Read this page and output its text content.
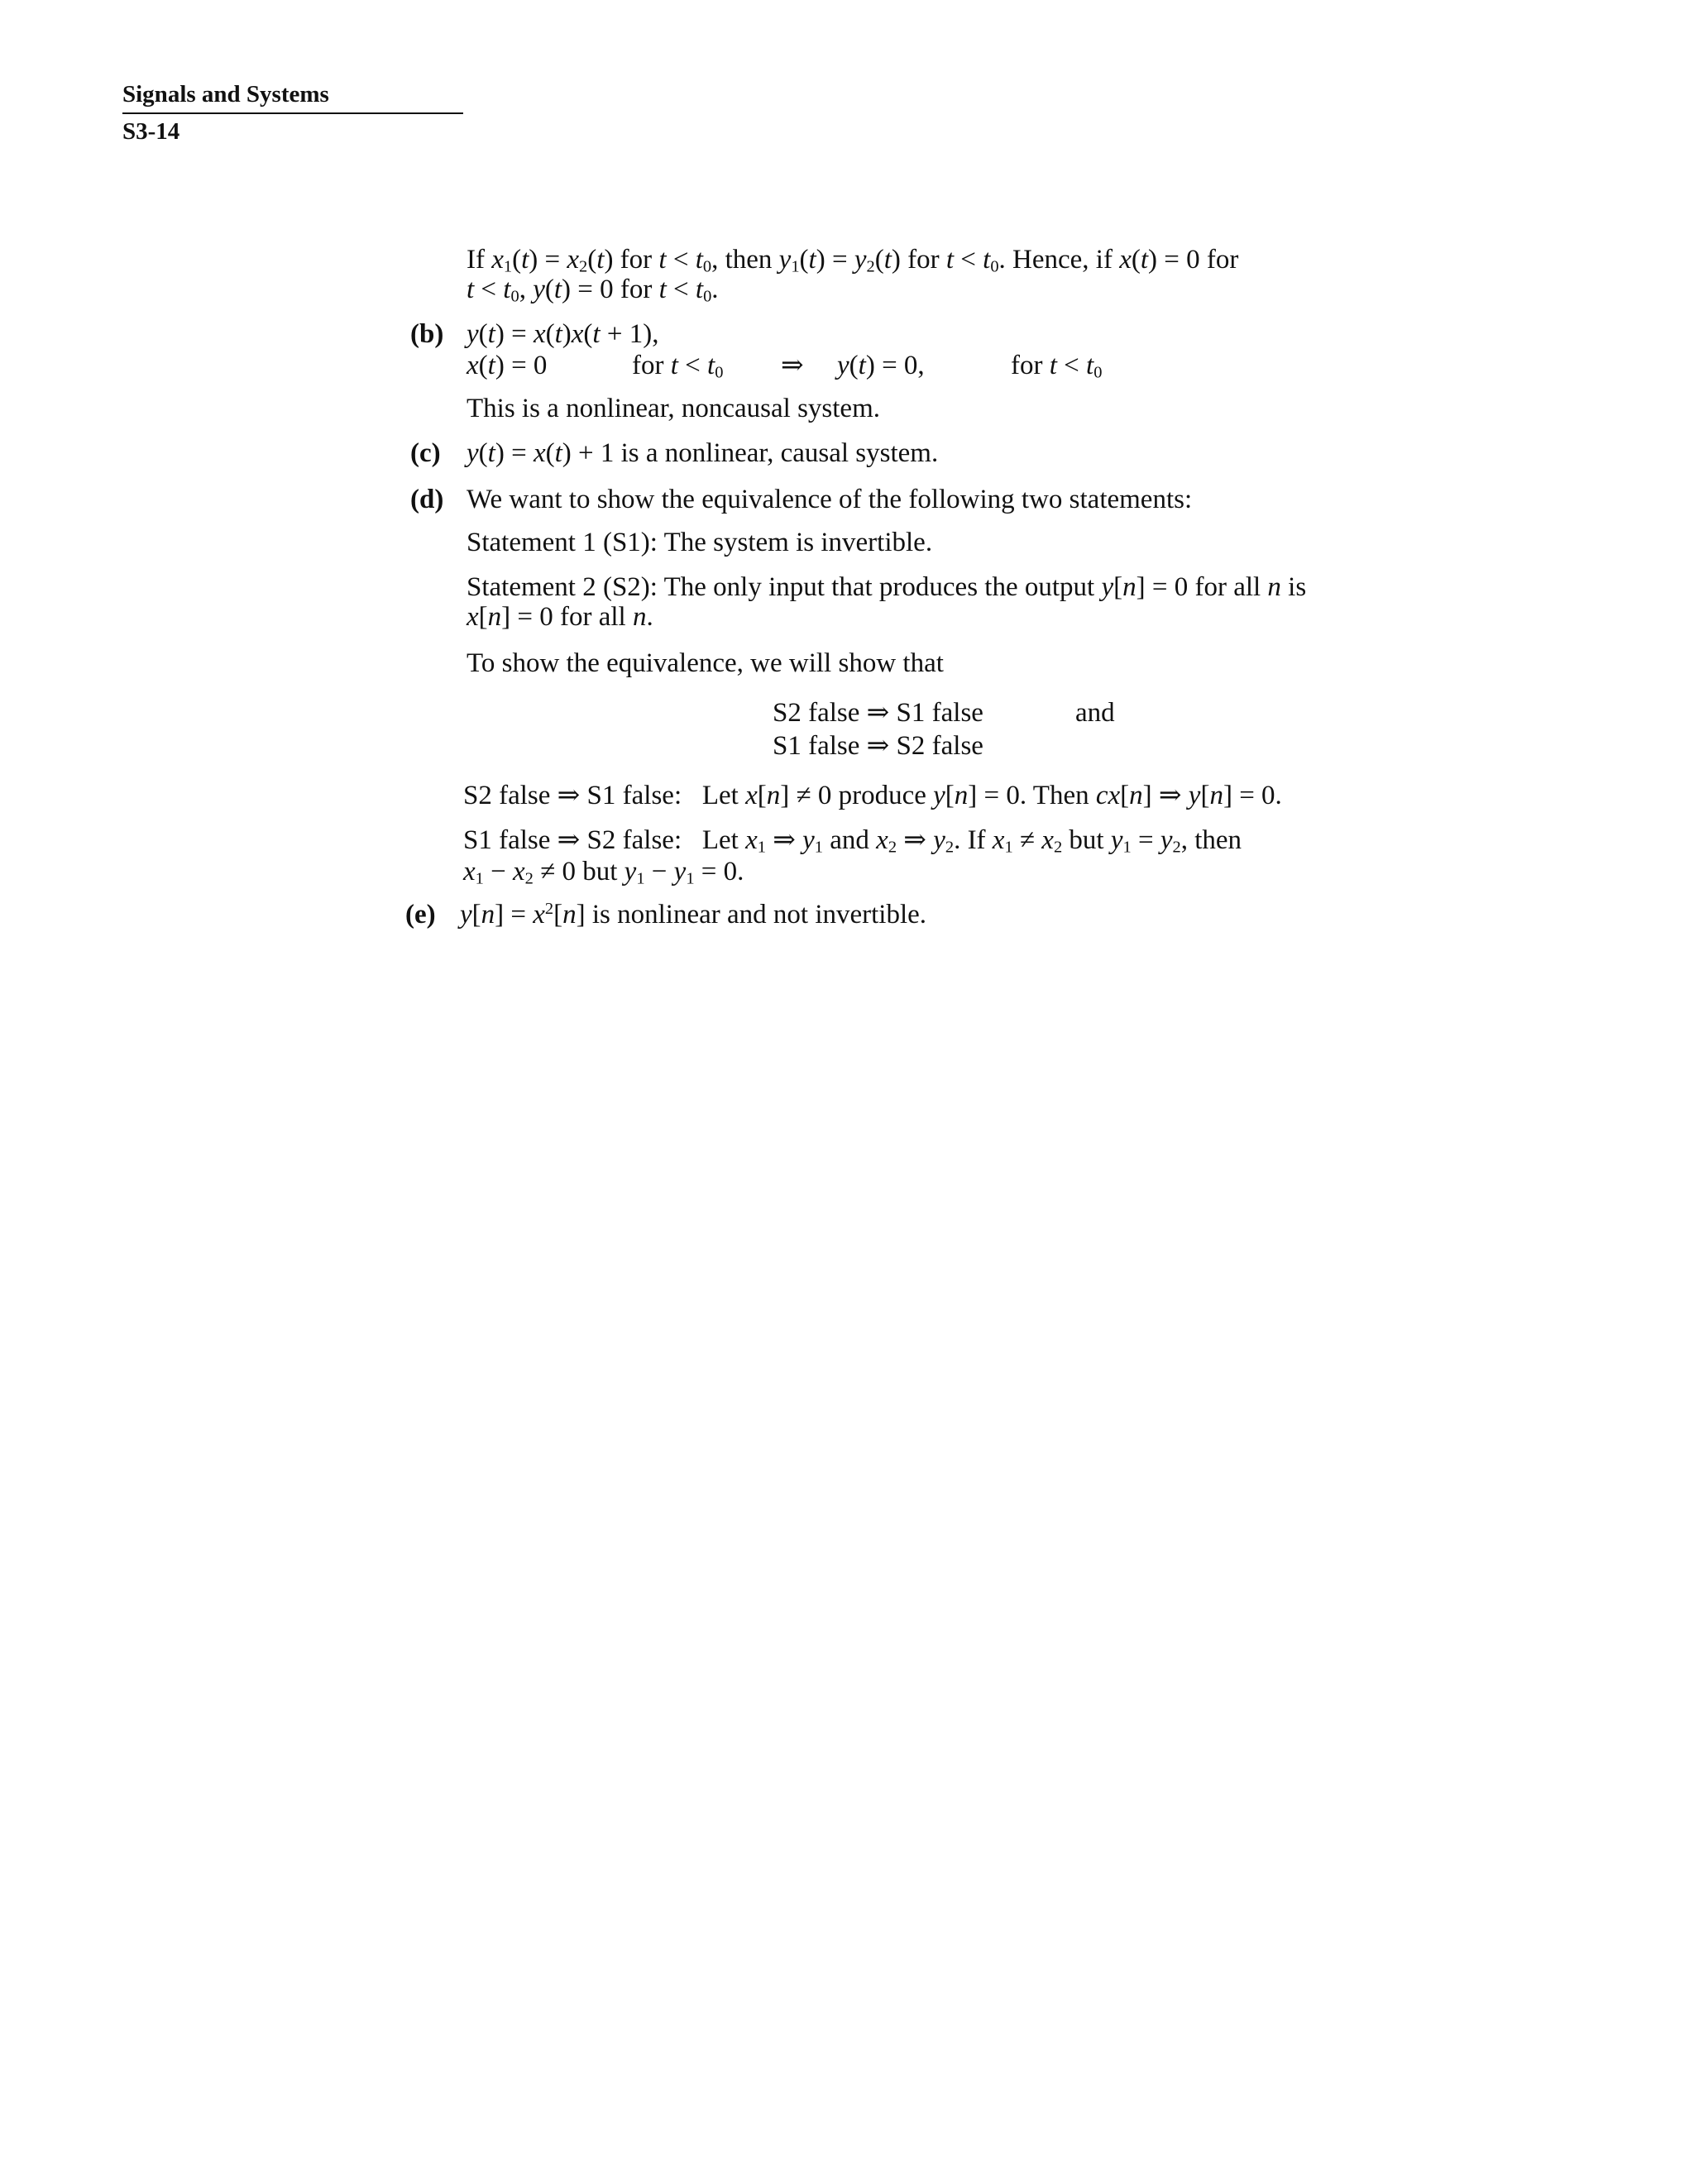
Signals and Systems
S3-14
If $x_1(t) = x_2(t)$ for $t < t_0$, then $y_1(t) = y_2(t)$ for $t < t_0$. Hence, if x(t) = 0 for
$t < t_0$, y(t) = 0 for $t < t_0$.
(b) y(t) = x(t)x(t + 1),
x(t) = 0	for $t < t_0$ ⇒ y(t) = 0,	for $t < t_0$
This is a nonlinear, noncausal system.
(c) y(t) = x(t) + 1 is a nonlinear, causal system.
(d) We want to show the equivalence of the following two statements:
Statement 1 (S1): The system is invertible.
Statement 2 (S2): The only input that produces the output y[n] = 0 for all n is
x[n] = 0 for all n.
To show the equivalence, we will show that
S2 false ⇒ S1 false	and
S1 false ⇒ S2 false
S2 false ⇒ S1 false:   Let x[n] ≠ 0 produce y[n] = 0. Then cx[n] ⇒ y[n] = 0.
S1 false ⇒ S2 false:   Let $x_1$ ⇒ $y_1$ and $x_2$ ⇒ $y_2$. If $x_1 \ne x_2$ but $y_1 = y_2$, then
$x_1 - x_2 \ne 0$ but $y_1 - y_1 = 0$.
(e) $y[n] = x^2[n]$ is nonlinear and not invertible.
